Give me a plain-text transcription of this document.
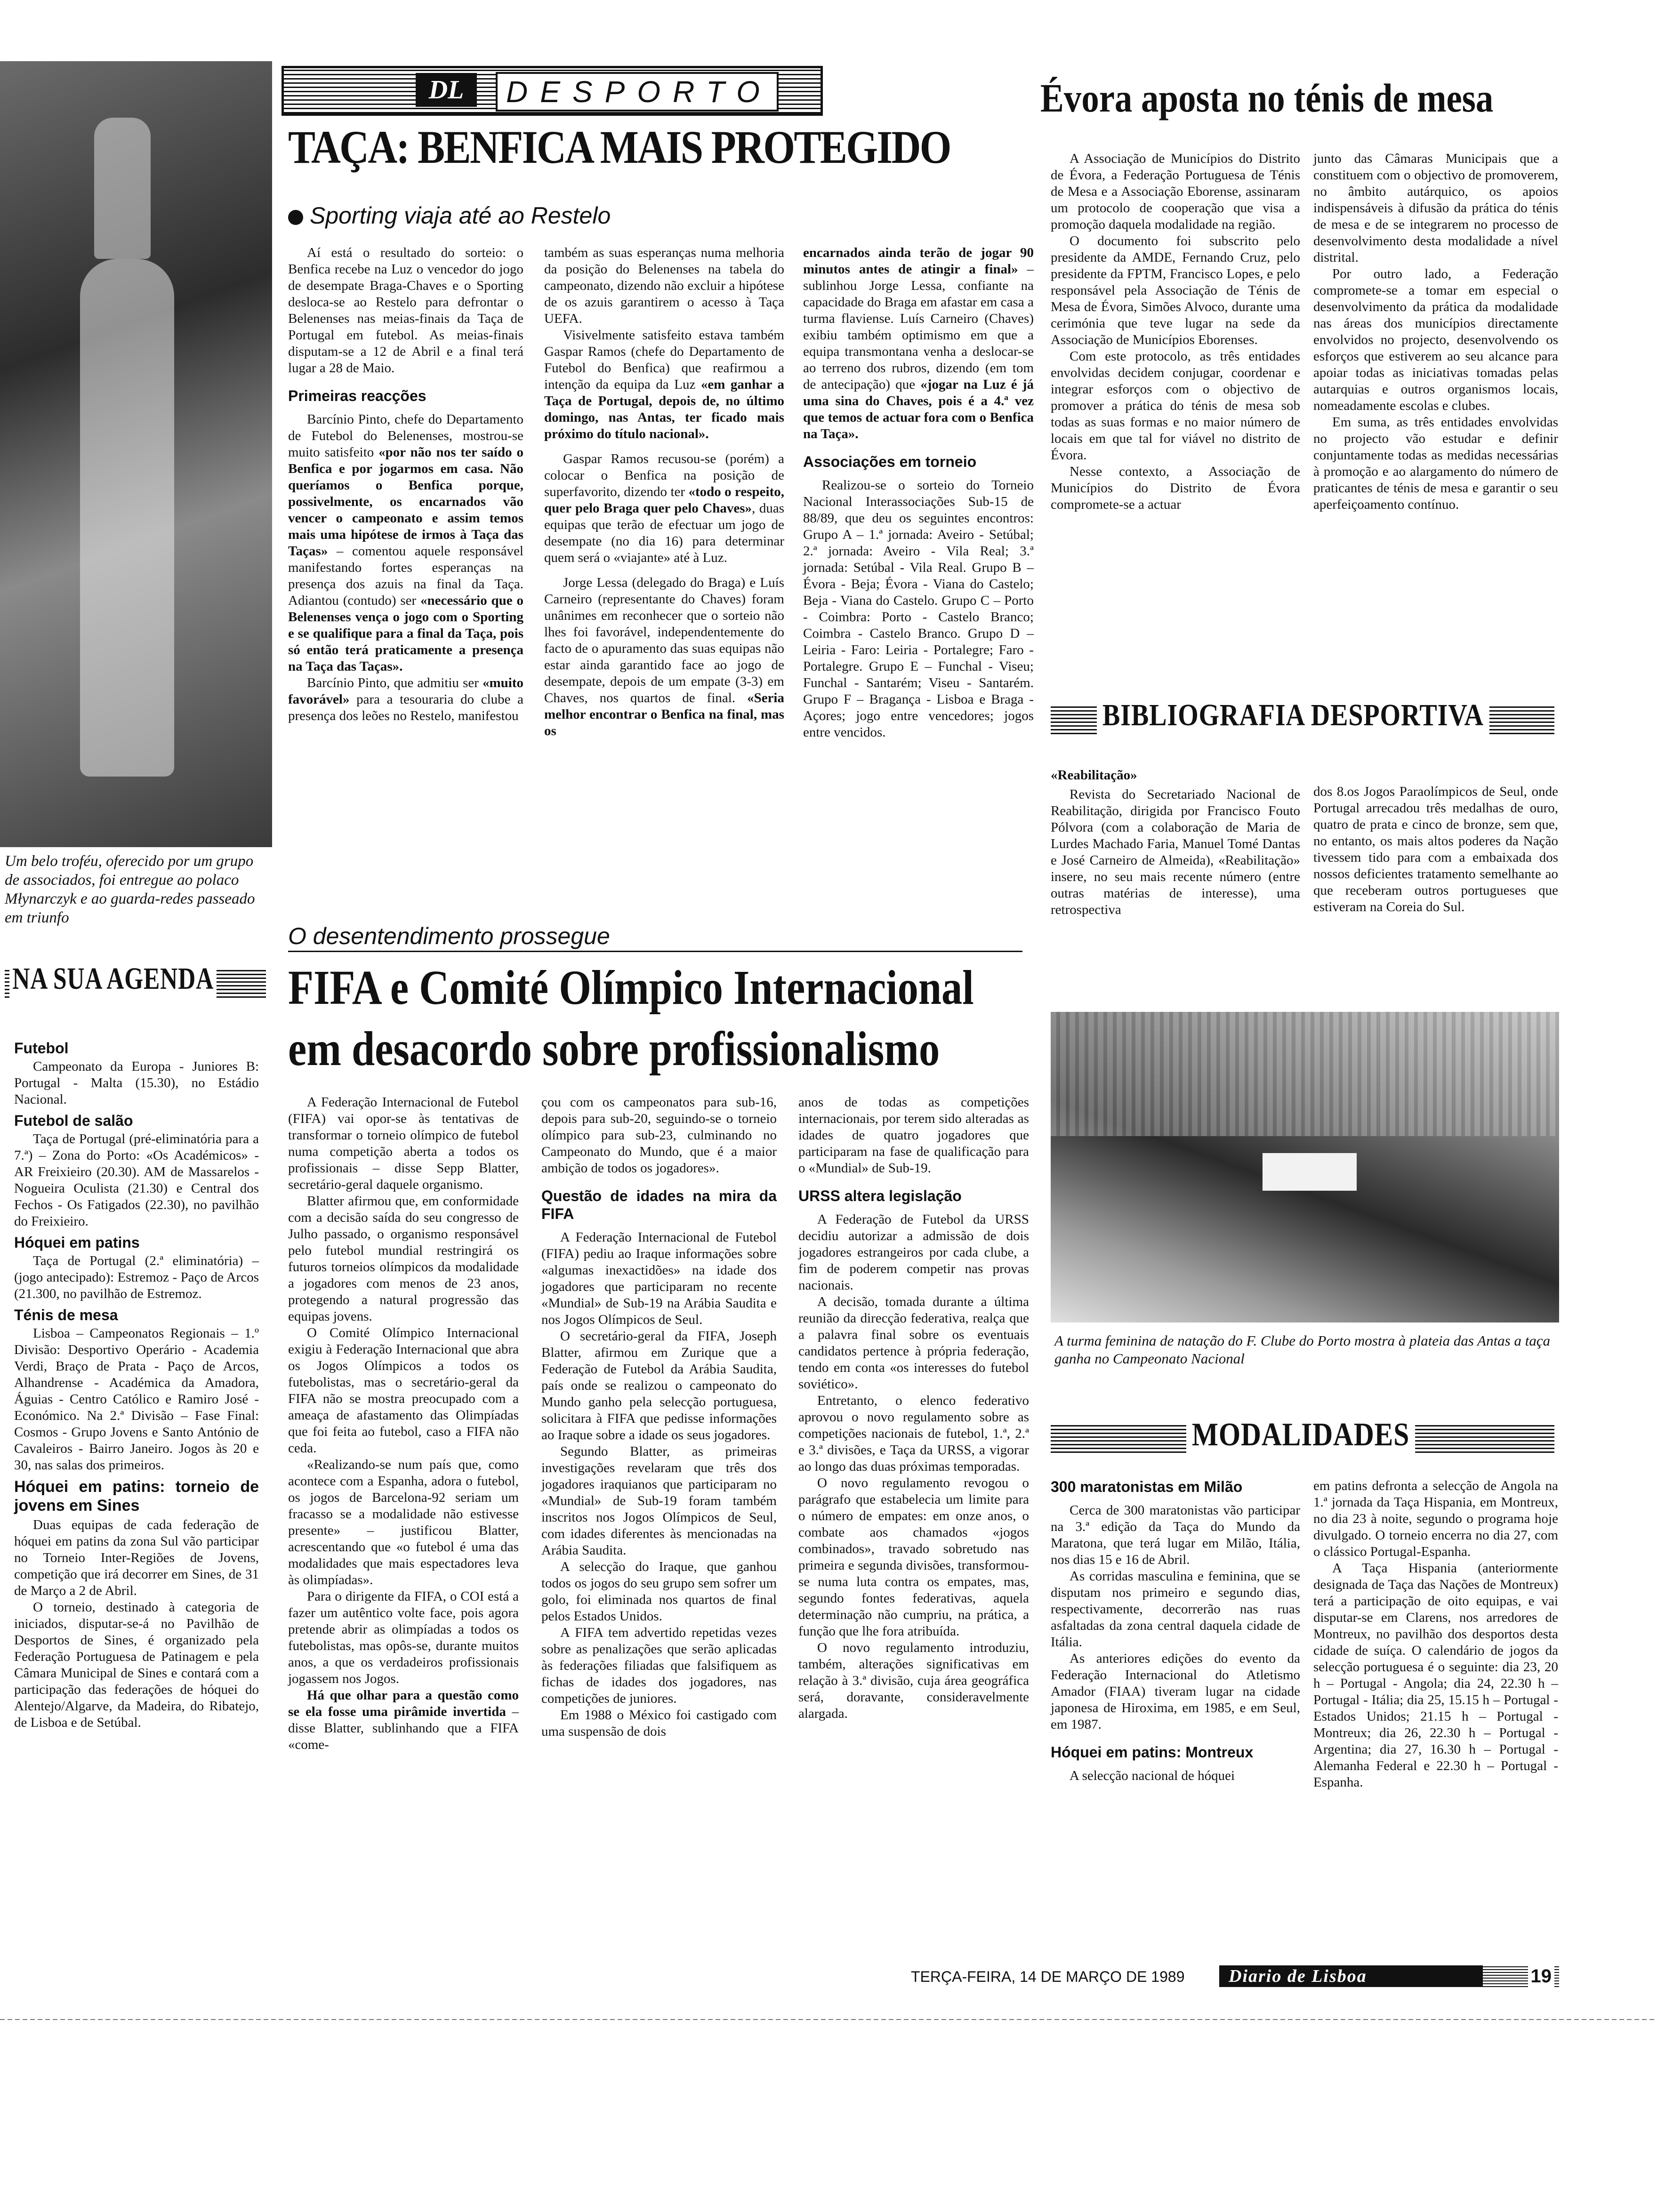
Um belo troféu, oferecido por um grupo de associados, foi entregue ao polaco Młynarczyk e ao guarda-redes passeado em triunfo
DL	DESPORTO
TAÇA: BENFICA MAIS PROTEGIDO
Sporting viaja até ao Restelo

Aí está o resultado do sorteio: o Benfica recebe na Luz o vencedor do jogo de desempate Braga-Chaves e o Sporting desloca-se ao Restelo para defrontar o Belenenses nas meias-finais da Taça de Portugal em futebol. As meias-finais disputam-se a 12 de Abril e a final terá lugar a 28 de Maio.

Primeiras reacções

Barcínio Pinto, chefe do Departamento de Futebol do Belenenses, mostrou-se muito satisfeito «por não nos ter saído o Benfica e por jogarmos em casa. Não queríamos o Benfica porque, possivelmente, os encarnados vão vencer o campeonato e assim temos mais uma hipótese de irmos à Taça das Taças» – comentou aquele responsável manifestando fortes esperanças na presença dos azuis na final da Taça. Adiantou (contudo) ser «necessário que o Belenenses vença o jogo com o Sporting e se qualifique para a final da Taça, pois só então terá praticamente a presença na Taça das Taças».

Barcínio Pinto, que admitiu ser «muito favorável» para a tesouraria do clube a presença dos leões no Restelo, manifestou

também as suas esperanças numa melhoria da posição do Belenenses na tabela do campeonato, dizendo não excluir a hipótese de os azuis garantirem o acesso à Taça UEFA.

Visivelmente satisfeito estava também Gaspar Ramos (chefe do Departamento de Futebol do Benfica) que reafirmou a intenção da equipa da Luz «em ganhar a Taça de Portugal, depois de, no último domingo, nas Antas, ter ficado mais próximo do título nacional».

Gaspar Ramos recusou-se (porém) a colocar o Benfica na posição de superfavorito, dizendo ter «todo o respeito, quer pelo Braga quer pelo Chaves», duas equipas que terão de efectuar um jogo de desempate (no dia 16) para determinar quem será o «viajante» até à Luz.

Jorge Lessa (delegado do Braga) e Luís Carneiro (representante do Chaves) foram unânimes em reconhecer que o sorteio não lhes foi favorável, independentemente do facto de o apuramento das suas equipas não estar ainda garantido face ao jogo de desempate, depois de um empate (3-3) em Chaves, nos quartos de final. «Seria melhor encontrar o Benfica na final, mas os

encarnados ainda terão de jogar 90 minutos antes de atingir a final» – sublinhou Jorge Lessa, confiante na capacidade do Braga em afastar em casa a turma flaviense. Luís Carneiro (Chaves) exibiu também optimismo em que a equipa transmontana venha a deslocar-se ao terreno dos rubros, dizendo (em tom de antecipação) que «jogar na Luz é já uma sina do Chaves, pois é a 4.ª vez que temos de actuar fora com o Benfica na Taça».

Associações em torneio

Realizou-se o sorteio do Torneio Nacional Interassociações Sub-15 de 88/89, que deu os seguintes encontros: Grupo A – 1.ª jornada: Aveiro - Setúbal; 2.ª jornada: Aveiro - Vila Real; 3.ª jornada: Setúbal - Vila Real. Grupo B – Évora - Beja; Évora - Viana do Castelo; Beja - Viana do Castelo. Grupo C – Porto - Coimbra: Porto - Castelo Branco; Coimbra - Castelo Branco. Grupo D – Leiria - Faro: Leiria - Portalegre; Faro - Portalegre. Grupo E – Funchal - Viseu; Funchal - Santarém; Viseu - Santarém. Grupo F – Bragança - Lisboa e Braga - Açores; jogo entre vencedores; jogos entre vencidos.

Évora aposta no ténis de mesa

A Associação de Municípios do Distrito de Évora, a Federação Portuguesa de Ténis de Mesa e a Associação Eborense, assinaram um protocolo de cooperação que visa a promoção daquela modalidade na região.

O documento foi subscrito pelo presidente da AMDE, Fernando Cruz, pelo presidente da FPTM, Francisco Lopes, e pelo responsável pela Associação de Ténis de Mesa de Évora, Simões Alvoco, durante uma cerimónia que teve lugar na sede da Associação de Municípios Eborenses.

Com este protocolo, as três entidades envolvidas decidem conjugar, coordenar e integrar esforços com o objectivo de promover a prática do ténis de mesa sob todas as suas formas e no maior número de locais em que tal for viável no distrito de Évora.

Nesse contexto, a Associação de Municípios do Distrito de Évora compromete-se a actuar

junto das Câmaras Municipais que a constituem com o objectivo de promoverem, no âmbito autárquico, os apoios indispensáveis à difusão da prática do ténis de mesa e de se integrarem no processo de desenvolvimento desta modalidade a nível distrital.

Por outro lado, a Federação compromete-se a tomar em especial o desenvolvimento da prática da modalidade nas áreas dos municípios directamente envolvidos no projecto, desenvolvendo os esforços que estiverem ao seu alcance para apoiar todas as iniciativas tomadas pelas autarquias e outros organismos locais, nomeadamente escolas e clubes.

Em suma, as três entidades envolvidas no projecto vão estudar e definir conjuntamente todas as medidas necessárias à promoção e ao alargamento do número de praticantes de ténis de mesa e garantir o seu aperfeiçoamento contínuo.

BIBLIOGRAFIA DESPORTIVA

«Reabilitação»

Revista do Secretariado Nacional de Reabilitação, dirigida por Francisco Fouto Pólvora (com a colaboração de Maria de Lurdes Machado Faria, Manuel Tomé Dantas e José Carneiro de Almeida), «Reabilitação» insere, no seu mais recente número (entre outras matérias de interesse), uma retrospectiva

dos 8.os Jogos Paraolímpicos de Seul, onde Portugal arrecadou três medalhas de ouro, quatro de prata e cinco de bronze, sem que, no entanto, os mais altos poderes da Nação tivessem tido para com a embaixada dos nossos deficientes tratamento semelhante ao que receberam outros portugueses que estiveram na Coreia do Sul.

A turma feminina de natação do F. Clube do Porto mostra à plateia das Antas a taça ganha no Campeonato Nacional
MODALIDADES
300 maratonistas em Milão

Cerca de 300 maratonistas vão participar na 3.ª edição da Taça do Mundo da Maratona, que terá lugar em Milão, Itália, nos dias 15 e 16 de Abril.

As corridas masculina e feminina, que se disputam nos primeiro e segundo dias, respectivamente, decorrerão nas ruas asfaltadas da zona central daquela cidade de Itália.

As anteriores edições do evento da Federação Internacional do Atletismo Amador (FIAA) tiveram lugar na cidade japonesa de Hiroxima, em 1985, e em Seul, em 1987.

Hóquei em patins: Montreux

A selecção nacional de hóquei

em patins defronta a selecção de Angola na 1.ª jornada da Taça Hispania, em Montreux, no dia 23 à noite, segundo o programa hoje divulgado. O torneio encerra no dia 27, com o clássico Portugal-Espanha.

A Taça Hispania (anteriormente designada de Taça das Nações de Montreux) terá a participação de oito equipas, e vai disputar-se em Clarens, nos arredores de Montreux, no pavilhão dos desportos desta cidade de suíça. O calendário de jogos da selecção portuguesa é o seguinte: dia 23, 20 h – Portugal - Angola; dia 24, 22.30 h – Portugal - Itália; dia 25, 15.15 h – Portugal - Estados Unidos; 21.15 h – Portugal - Montreux; dia 26, 22.30 h – Portugal - Argentina; dia 27, 16.30 h – Portugal - Alemanha Federal e 22.30 h – Portugal - Espanha.

NA SUA AGENDA
Futebol

Campeonato da Europa - Juniores B: Portugal - Malta (15.30), no Estádio Nacional.

Futebol de salão

Taça de Portugal (pré-eliminatória para a 7.ª) – Zona do Porto: «Os Académicos» - AR Freixieiro (20.30). AM de Massarelos - Nogueira Oculista (21.30) e Central dos Fechos - Os Fatigados (22.30), no pavilhão do Freixieiro.

Hóquei em patins

Taça de Portugal (2.ª eliminatória) – (jogo antecipado): Estremoz - Paço de Arcos (21.300, no pavilhão de Estremoz.

Ténis de mesa

Lisboa – Campeonatos Regionais – 1.º Divisão: Desportivo Operário - Academia Verdi, Braço de Prata - Paço de Arcos, Alhandrense - Académica da Amadora, Águias - Centro Católico e Ramiro José - Económico. Na 2.ª Divisão – Fase Final: Cosmos - Grupo Jovens e Santo António de Cavaleiros - Bairro Janeiro. Jogos às 20 e 30, nas salas dos primeiros.

Hóquei em patins: torneio de jovens em Sines

Duas equipas de cada federação de hóquei em patins da zona Sul vão participar no Torneio Inter-Regiões de Jovens, competição que irá decorrer em Sines, de 31 de Março a 2 de Abril.

O torneio, destinado à categoria de iniciados, disputar-se-á no Pavilhão de Desportos de Sines, é organizado pela Federação Portuguesa de Patinagem e pela Câmara Municipal de Sines e contará com a participação das federações de hóquei do Alentejo/Algarve, da Madeira, do Ribatejo, de Lisboa e de Setúbal.

O desentendimento prossegue
FIFA e Comité Olímpico Internacional
em desacordo sobre profissionalismo

A Federação Internacional de Futebol (FIFA) vai opor-se às tentativas de transformar o torneio olímpico de futebol numa competição aberta a todos os profissionais – disse Sepp Blatter, secretário-geral daquele organismo.

Blatter afirmou que, em conformidade com a decisão saída do seu congresso de Julho passado, o organismo responsável pelo futebol mundial restringirá os futuros torneios olímpicos da modalidade a jogadores com menos de 23 anos, protegendo a natural progressão das equipas jovens.

O Comité Olímpico Internacional exigiu à Federação Internacional que abra os Jogos Olímpicos a todos os futebolistas, mas o secretário-geral da FIFA não se mostra preocupado com a ameaça de afastamento das Olimpíadas que foi feita ao futebol, caso a FIFA não ceda.

«Realizando-se num país que, como acontece com a Espanha, adora o futebol, os jogos de Barcelona-92 seriam um fracasso se a modalidade não estivesse presente» – justificou Blatter, acrescentando que «o futebol é uma das modalidades que mais espectadores leva às olimpíadas».

Para o dirigente da FIFA, o COI está a fazer um autêntico volte face, pois agora pretende abrir as olimpíadas a todos os futebolistas, mas opôs-se, durante muitos anos, a que os verdadeiros profissionais jogassem nos Jogos.

Há que olhar para a questão como se ela fosse uma pirâmide invertida – disse Blatter, sublinhando que a FIFA «come-

çou com os campeonatos para sub-16, depois para sub-20, seguindo-se o torneio olímpico para sub-23, culminando no Campeonato do Mundo, que é a maior ambição de todos os jogadores».

Questão de idades na mira da FIFA

A Federação Internacional de Futebol (FIFA) pediu ao Iraque informações sobre «algumas inexactidões» na idade dos jogadores que participaram no recente «Mundial» de Sub-19 na Arábia Saudita e nos Jogos Olímpicos de Seul.

O secretário-geral da FIFA, Joseph Blatter, afirmou em Zurique que a Federação de Futebol da Arábia Saudita, país onde se realizou o campeonato do Mundo ganho pela selecção portuguesa, solicitara à FIFA que pedisse informações ao Iraque sobre a idade os seus jogadores.

Segundo Blatter, as primeiras investigações revelaram que três dos jogadores iraquianos que participaram no «Mundial» de Sub-19 foram também inscritos nos Jogos Olímpicos de Seul, com idades diferentes às mencionadas na Arábia Saudita.

A selecção do Iraque, que ganhou todos os jogos do seu grupo sem sofrer um golo, foi eliminada nos quartos de final pelos Estados Unidos.

A FIFA tem advertido repetidas vezes sobre as penalizações que serão aplicadas às federações filiadas que falsifiquem as fichas de idades dos jogadores, nas competições de juniores.

Em 1988 o México foi castigado com uma suspensão de dois

anos de todas as competições internacionais, por terem sido alteradas as idades de quatro jogadores que participaram na fase de qualificação para o «Mundial» de Sub-19.

URSS altera legislação

A Federação de Futebol da URSS decidiu autorizar a admissão de dois jogadores estrangeiros por cada clube, a fim de poderem competir nas provas nacionais.

A decisão, tomada durante a última reunião da direcção federativa, realça que a palavra final sobre os eventuais candidatos pertence à própria federação, tendo em conta «os interesses do futebol soviético».

Entretanto, o elenco federativo aprovou o novo regulamento sobre as competições nacionais de futebol, 1.ª, 2.ª e 3.ª divisões, e Taça da URSS, a vigorar ao longo das duas próximas temporadas.

O novo regulamento revogou o parágrafo que estabelecia um limite para o número de empates: em onze anos, o combate aos chamados «jogos combinados», travado sobretudo nas primeira e segunda divisões, transformou-se numa luta contra os empates, mas, segundo fontes federativas, aquela determinação não cumpriu, na prática, a função que lhe fora atribuída.

O novo regulamento introduziu, também, alterações significativas em relação à 3.ª divisão, cuja área geográfica será, doravante, consideravelmente alargada.

TERÇA-FEIRA, 14 DE MARÇO DE 1989 Diario de Lisboa	19
